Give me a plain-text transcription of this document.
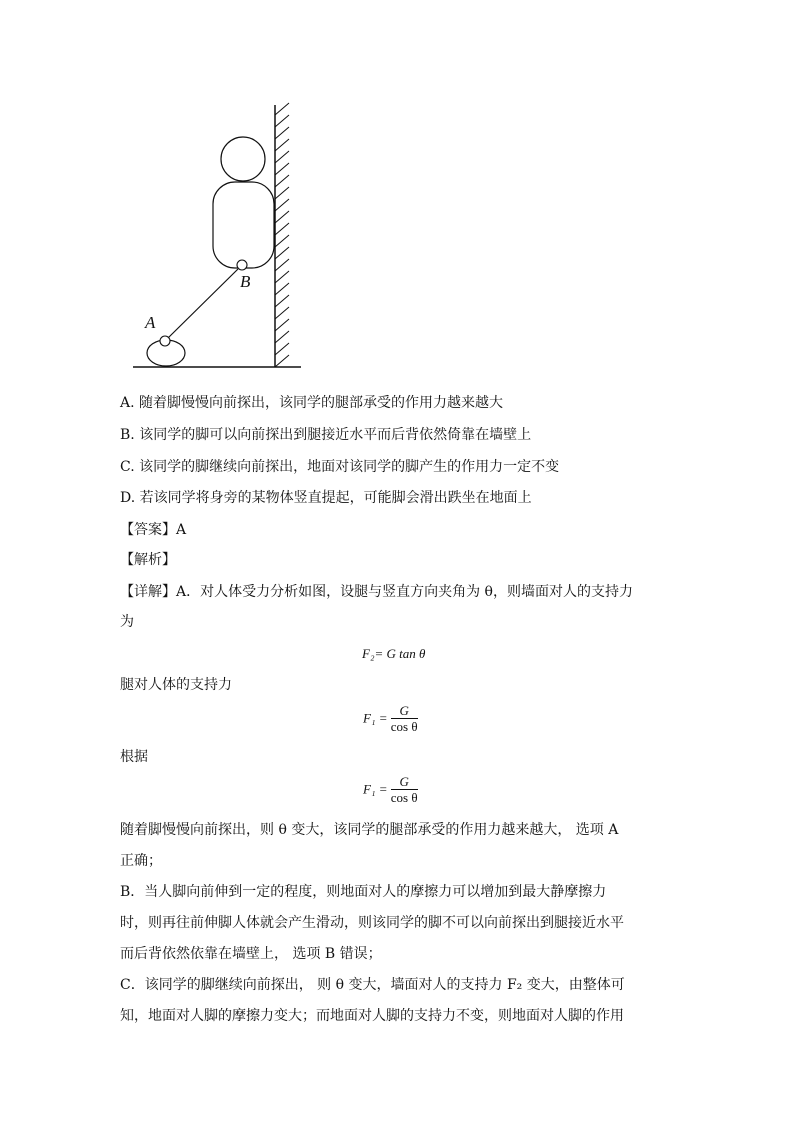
B
A
A. 随着脚慢慢向前探出，该同学的腿部承受的作用力越来越大
B. 该同学的脚可以向前探出到腿接近水平而后背依然倚靠在墙壁上
C. 该同学的脚继续向前探出，地面对该同学的脚产生的作用力一定不变
D. 若该同学将身旁的某物体竖直提起，可能脚会滑出跌坐在地面上
【答案】A
【解析】
【详解】A．对人体受力分析如图，设腿与竖直方向夹角为 θ，则墙面对人的支持力
为
F₂= G tan θ
腿对人体的支持力
$F_1 = \frac{G}{\text{cos θ}}$
根据
$F_1 = \frac{G}{\text{cos θ}}$
随着脚慢慢向前探出，则 θ 变大，该同学的腿部承受的作用力越来越大， 选项 A
正确；
B．当人脚向前伸到一定的程度，则地面对人的摩擦力可以增加到最大静摩擦力
时，则再往前伸脚人体就会产生滑动，则该同学的脚不可以向前探出到腿接近水平
而后背依然依靠在墙壁上， 选项 B 错误；
C．该同学的脚继续向前探出， 则 θ 变大，墙面对人的支持力 F₂ 变大，由整体可
知，地面对人脚的摩擦力变大；而地面对人脚的支持力不变，则地面对人脚的作用
